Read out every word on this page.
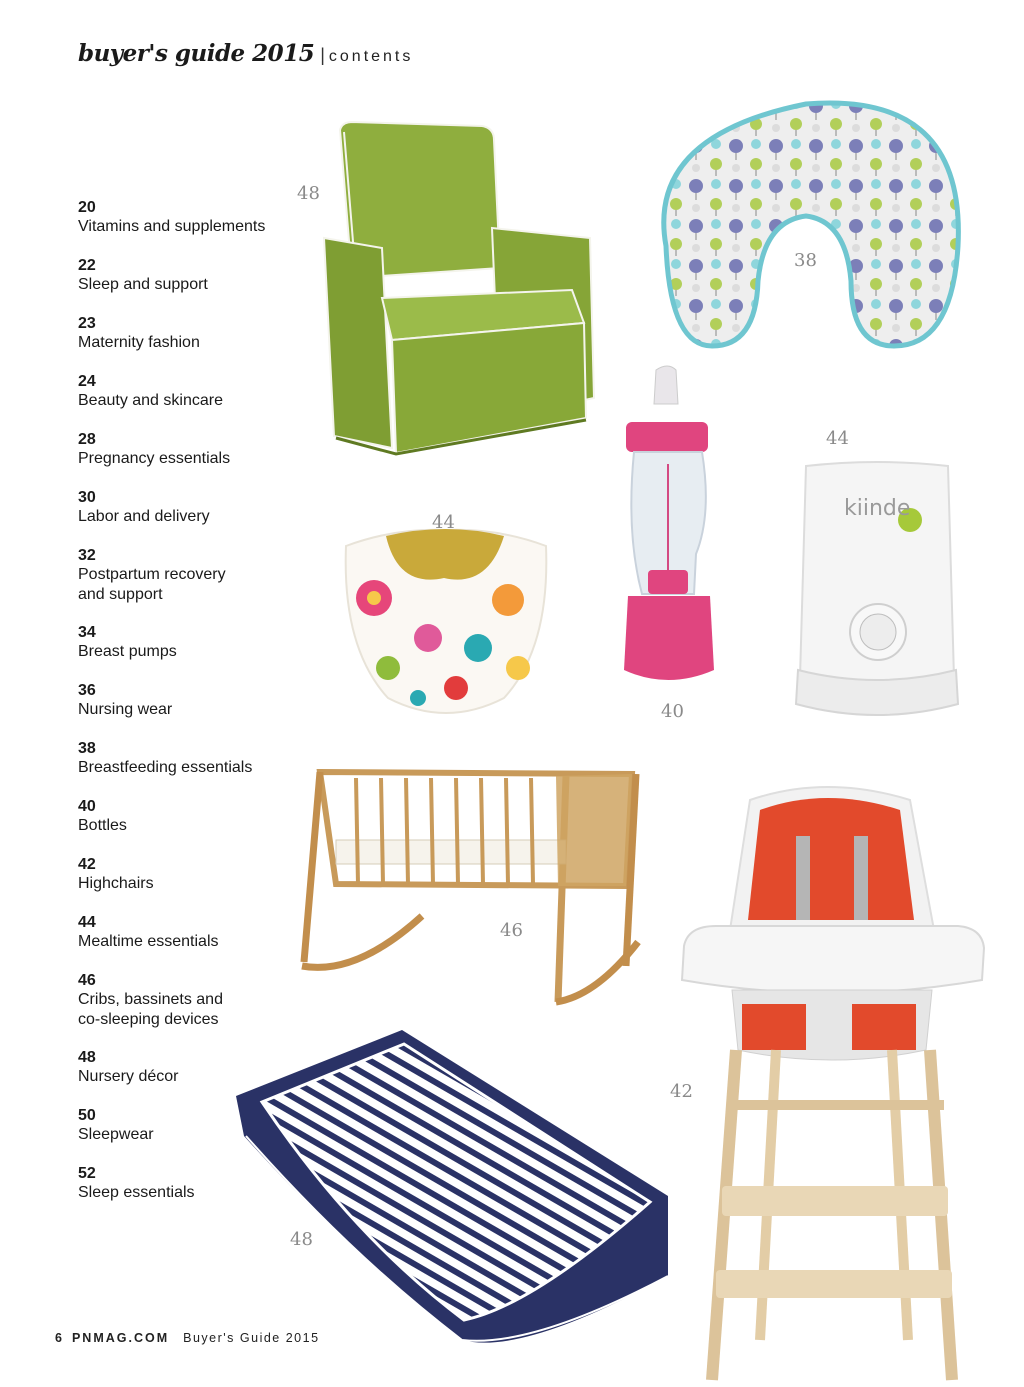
buyer's guide 2015 | contents
20
Vitamins and supplements
22
Sleep and support
23
Maternity fashion
24
Beauty and skincare
28
Pregnancy essentials
30
Labor and delivery
32
Postpartum recovery
and support
34
Breast pumps
36
Nursing wear
38
Breastfeeding essentials
40
Bottles
42
Highchairs
44
Mealtime essentials
46
Cribs, bassinets and
co-sleeping devices
48
Nursery décor
50
Sleepwear
52
Sleep essentials
48
38
44
40
kiinde
44
46
42
48
6 PNMAG.COM Buyer's Guide 2015
